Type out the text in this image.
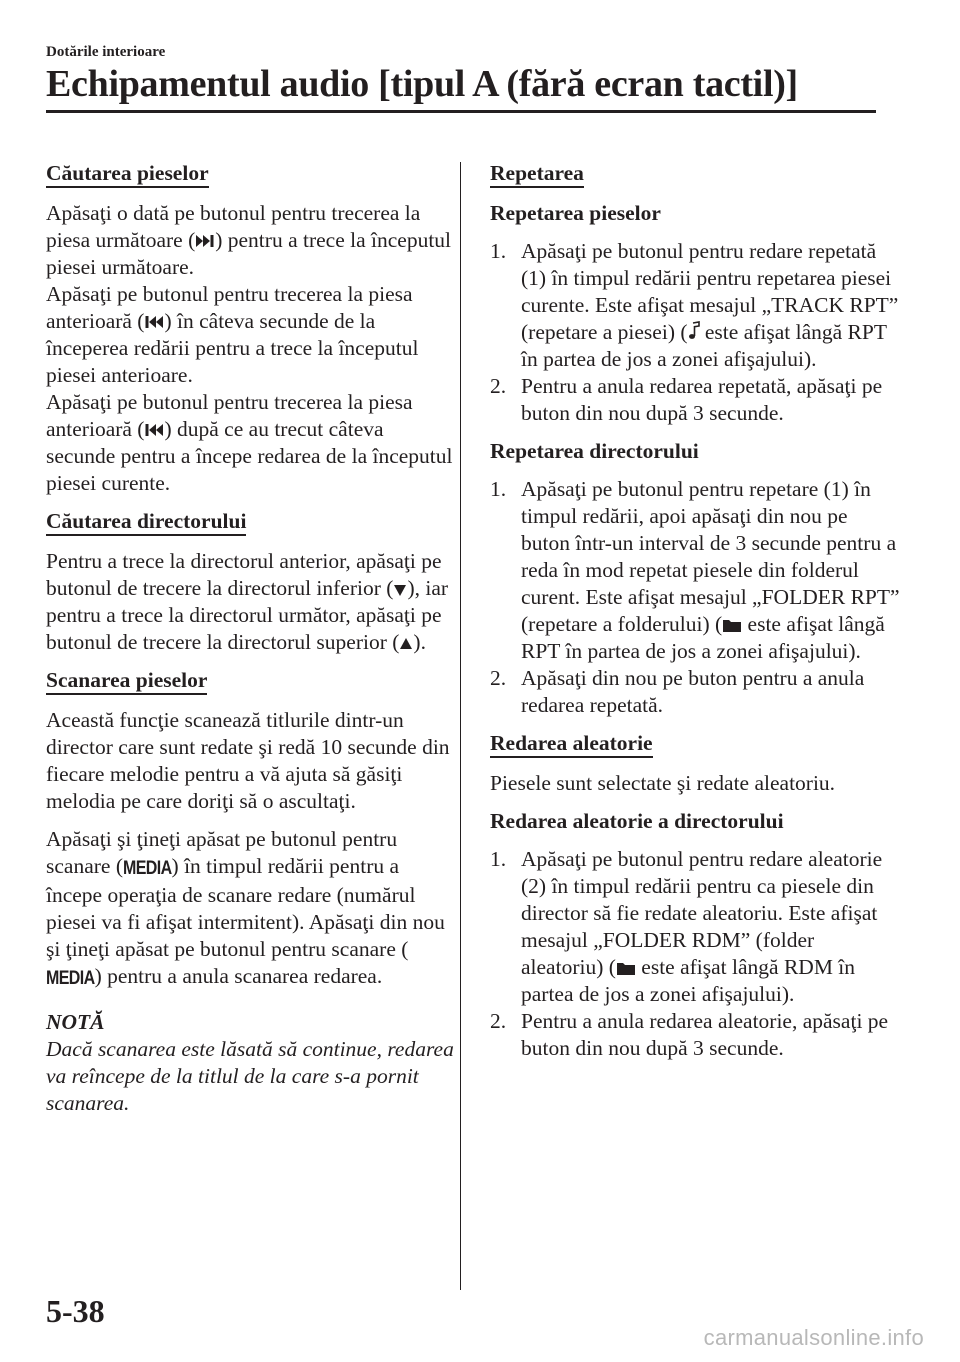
Dotările interioare
Echipamentul audio [tipul A (fără ecran tactil)]
Căutarea pieselor

Apăsaţi o dată pe butonul pentru trecerea la piesa următoare ( ) pentru a trece la începutul piesei următoare.
Apăsaţi pe butonul pentru trecerea la piesa anterioară ( ) în câteva secunde de la începerea redării pentru a trece la începutul piesei anterioare.
Apăsaţi pe butonul pentru trecerea la piesa anterioară ( ) după ce au trecut câteva secunde pentru a începe redarea de la începutul piesei curente.

Căutarea directorului

Pentru a trece la directorul anterior, apăsaţi pe butonul de trecere la directorul inferior ( ), iar pentru a trece la directorul următor, apăsaţi pe butonul de trecere la directorul superior ( ).

Scanarea pieselor

Această funcţie scanează titlurile dintr-un director care sunt redate şi redă 10 secunde din fiecare melodie pentru a vă ajuta să găsiţi melodia pe care doriţi să o ascultaţi.

Apăsaţi şi ţineţi apăsat pe butonul pentru scanare (MEDIA) în timpul redării pentru a începe operaţia de scanare redare (numărul piesei va fi afişat intermitent). Apăsaţi din nou şi ţineţi apăsat pe butonul pentru scanare (MEDIA) pentru a anula scanarea redarea.

NOTĂ

Dacă scanarea este lăsată să continue, redarea va reîncepe de la titlul de la care s-a pornit scanarea.

Repetarea
Repetarea pieselor
1. Apăsaţi pe butonul pentru redare repetată (1) în timpul redării pentru repetarea piesei curente. Este afişat mesajul „TRACK RPT” (repetare a piesei) (
este afişat lângă RPT în partea de jos a zonei afişajului).
2. Pentru a anula redarea repetată, apăsaţi pe buton din nou după 3 secunde.
Repetarea directorului
1. Apăsaţi pe butonul pentru repetare (1) în timpul redării, apoi apăsaţi din nou pe buton într-un interval de 3 secunde pentru a reda în mod repetat piesele din folderul curent. Este afişat mesajul „FOLDER RPT” (repetare a folderului) (
este afişat lângă RPT în partea de jos a zonei afişajului).
2. Apăsaţi din nou pe buton pentru a anula redarea repetată.
Redarea aleatorie

Piesele sunt selectate şi redate aleatoriu.

Redarea aleatorie a directorului
1. Apăsaţi pe butonul pentru redare aleatorie (2) în timpul redării pentru ca piesele din director să fie redate aleatoriu. Este afişat mesajul „FOLDER RDM” (folder aleatoriu) (
este afişat lângă RDM în partea de jos a zonei afişajului).
2. Pentru a anula redarea aleatorie, apăsaţi pe buton din nou după 3 secunde.
5-38
carmanualsonline.info
